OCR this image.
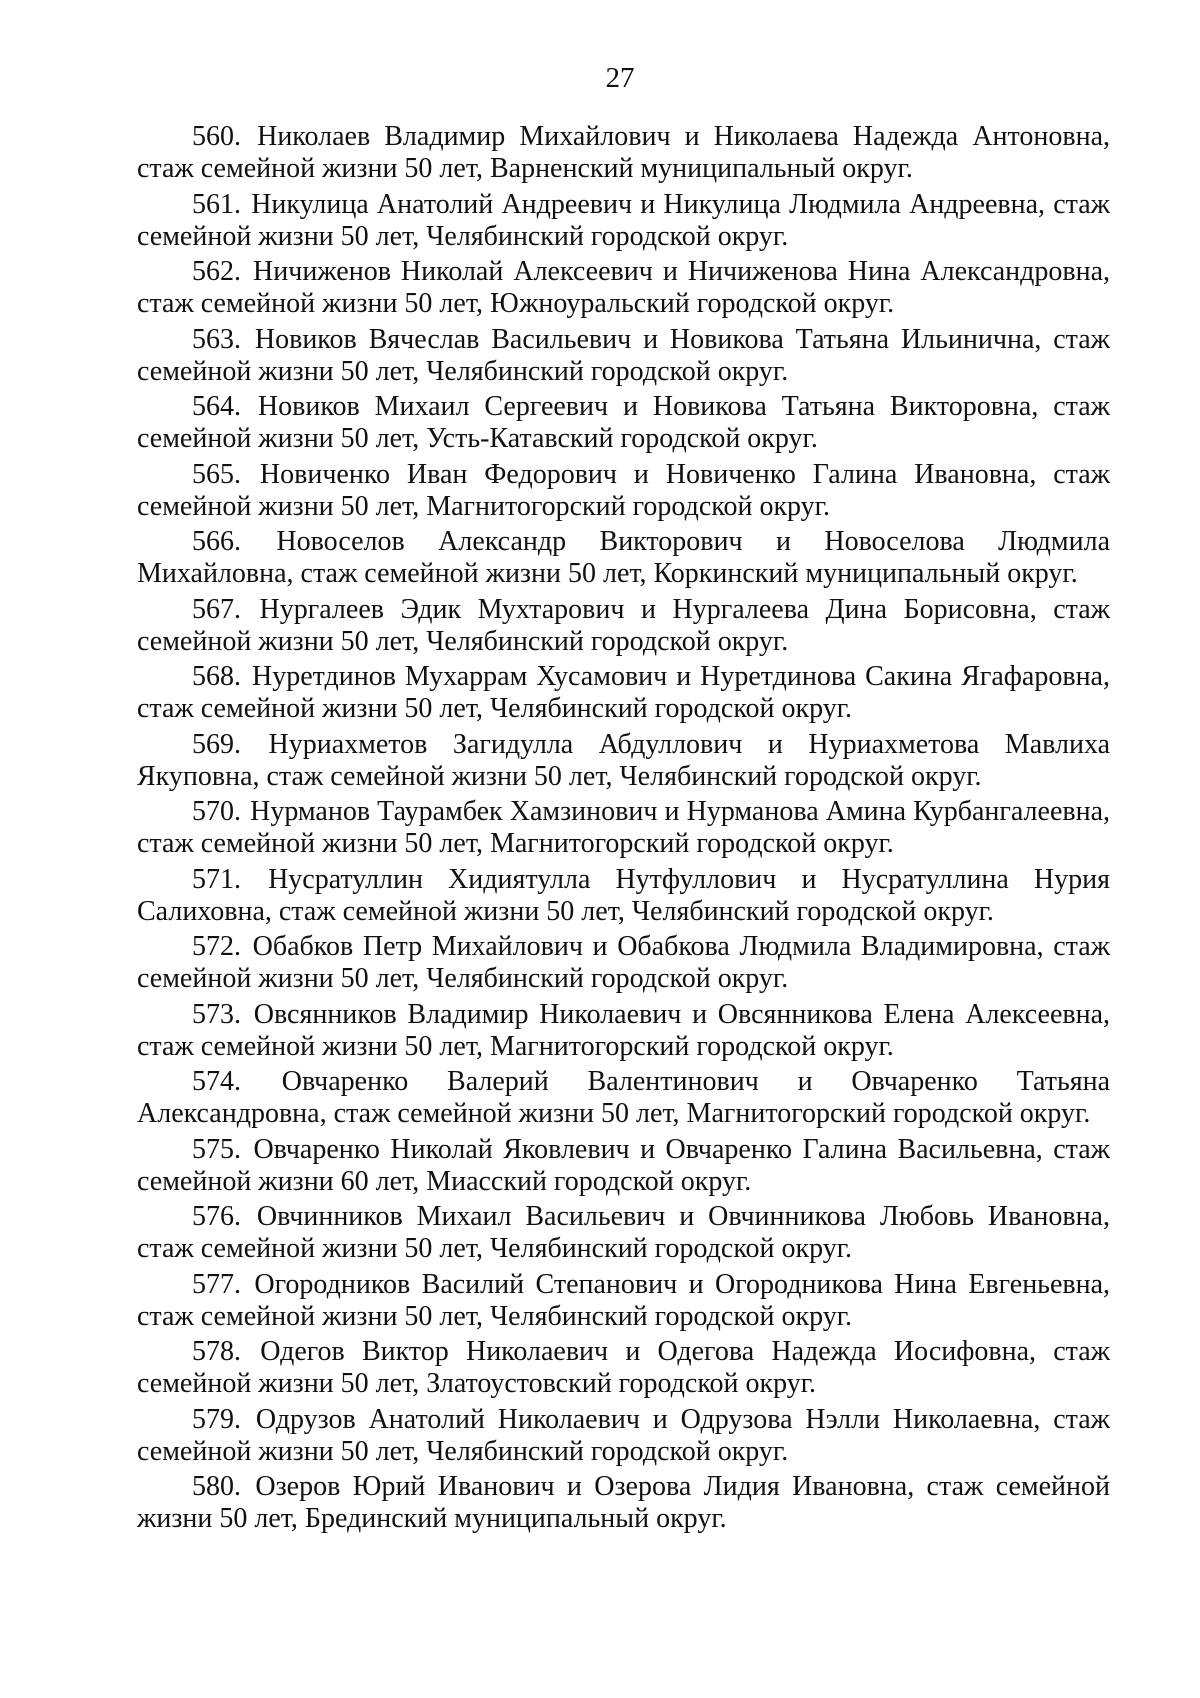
27

560. Николаев Владимир Михайлович и Николаева Надежда Антоновна, стаж семейной жизни 50 лет, Варненский муниципальный округ.

561. Никулица Анатолий Андреевич и Никулица Людмила Андреевна, стаж семейной жизни 50 лет, Челябинский городской округ.

562. Ничиженов Николай Алексеевич и Ничиженова Нина Александровна, стаж семейной жизни 50 лет, Южноуральский городской округ.

563. Новиков Вячеслав Васильевич и Новикова Татьяна Ильинична, стаж семейной жизни 50 лет, Челябинский городской округ.

564. Новиков Михаил Сергеевич и Новикова Татьяна Викторовна, стаж семейной жизни 50 лет, Усть-Катавский городской округ.

565. Новиченко Иван Федорович и Новиченко Галина Ивановна, стаж семейной жизни 50 лет, Магнитогорский городской округ.

566. Новоселов Александр Викторович и Новоселова Людмила Михайловна, стаж семейной жизни 50 лет, Коркинский муниципальный округ.

567. Нургалеев Эдик Мухтарович и Нургалеева Дина Борисовна, стаж семейной жизни 50 лет, Челябинский городской округ.

568. Нуретдинов Мухаррам Хусамович и Нуретдинова Сакина Ягафаровна, стаж семейной жизни 50 лет, Челябинский городской округ.

569. Нуриахметов Загидулла Абдуллович и Нуриахметова Мавлиха Якуповна, стаж семейной жизни 50 лет, Челябинский городской округ.

570. Нурманов Таурамбек Хамзинович и Нурманова Амина Курбангалеевна, стаж семейной жизни 50 лет, Магнитогорский городской округ.

571. Нусратуллин Хидиятулла Нутфуллович и Нусратуллина Нурия Салиховна, стаж семейной жизни 50 лет, Челябинский городской округ.

572. Обабков Петр Михайлович и Обабкова Людмила Владимировна, стаж семейной жизни 50 лет, Челябинский городской округ.

573. Овсянников Владимир Николаевич и Овсянникова Елена Алексеевна, стаж семейной жизни 50 лет, Магнитогорский городской округ.

574. Овчаренко Валерий Валентинович и Овчаренко Татьяна Александровна, стаж семейной жизни 50 лет, Магнитогорский городской округ.

575. Овчаренко Николай Яковлевич и Овчаренко Галина Васильевна, стаж семейной жизни 60 лет, Миасский городской округ.

576. Овчинников Михаил Васильевич и Овчинникова Любовь Ивановна, стаж семейной жизни 50 лет, Челябинский городской округ.

577. Огородников Василий Степанович и Огородникова Нина Евгеньевна, стаж семейной жизни 50 лет, Челябинский городской округ.

578. Одегов Виктор Николаевич и Одегова Надежда Иосифовна, стаж семейной жизни 50 лет, Златоустовский городской округ.

579. Одрузов Анатолий Николаевич и Одрузова Нэлли Николаевна, стаж семейной жизни 50 лет, Челябинский городской округ.

580. Озеров Юрий Иванович и Озерова Лидия Ивановна, стаж семейной жизни 50 лет, Брединский муниципальный округ.
